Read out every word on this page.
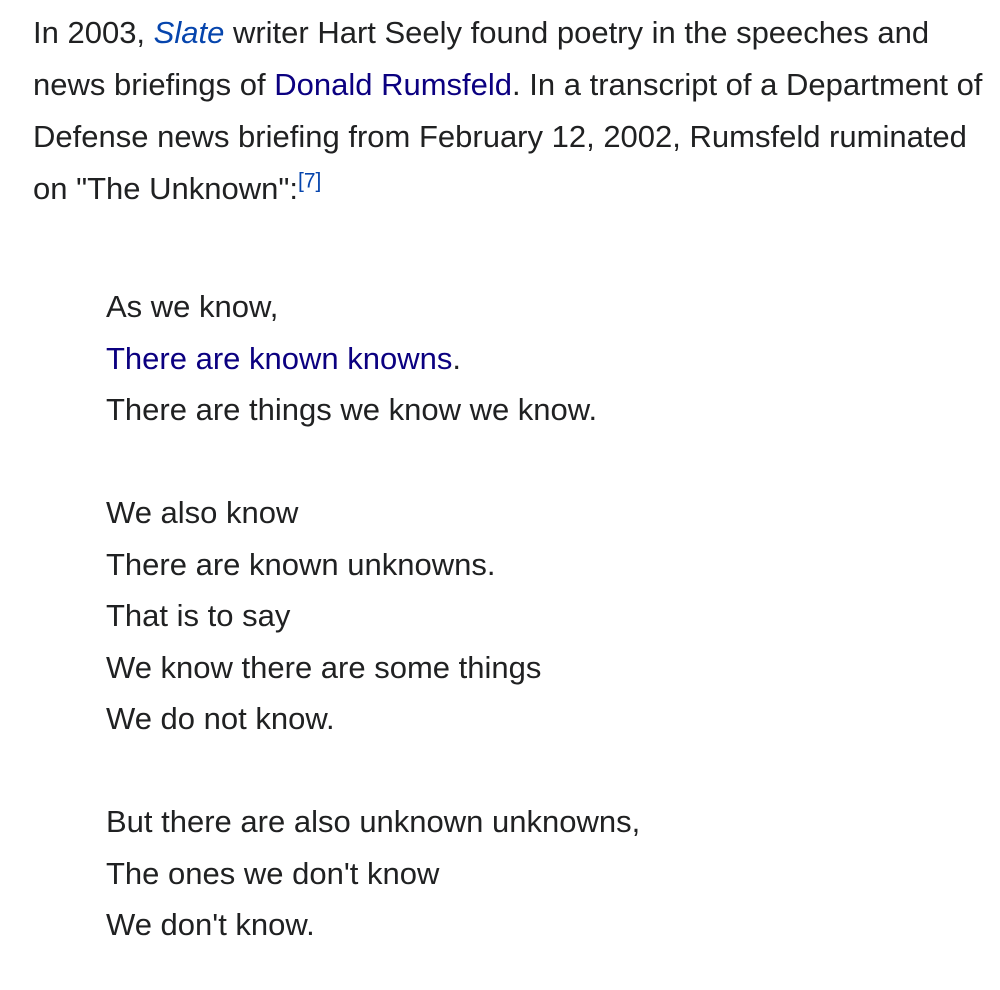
In 2003, Slate writer Hart Seely found poetry in the speeches and news briefings of Donald Rumsfeld. In a transcript of a Department of Defense news briefing from February 12, 2002, Rumsfeld ruminated on "The Unknown":[7]

As we know,
There are known knowns.
There are things we know we know.
We also know
There are known unknowns.
That is to say
We know there are some things
We do not know.
But there are also unknown unknowns,
The ones we don't know
We don't know.
